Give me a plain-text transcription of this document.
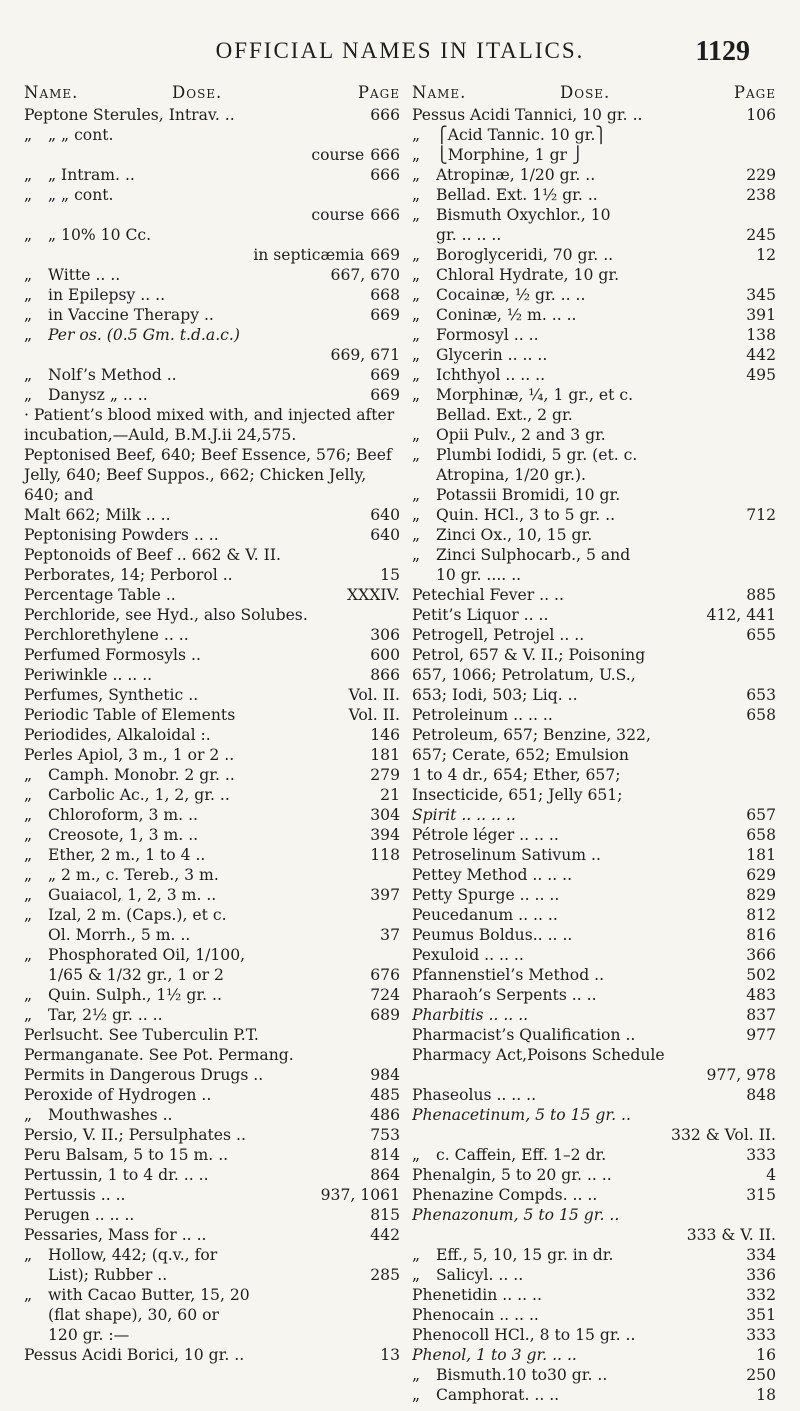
OFFICIAL NAMES IN ITALICS.	1129
Name.	Dose.	Page
Peptone Sterules, Intrav. ..	666
„	„ „ cont.
course 666
„	„ Intram. ..	666
„	„ „ cont.
course 666
„	„ 10% 10 Cc.
in septicæmia 669
„	Witte .. ..	667, 670
„	in Epilepsy .. ..	668
„	in Vaccine Therapy ..	669
„	Per os. (0.5 Gm. t.d.a.c.)
669, 671
„	Nolf’s Method ..	669
„	Danysz „ .. ..	669
· Patient’s blood mixed with, and injected after incubation,—Auld, B.M.J.ii 24,575.
Peptonised Beef, 640; Beef Essence, 576; Beef Jelly, 640; Beef Suppos., 662; Chicken Jelly, 640; and
Malt 662; Milk .. ..	640
Peptonising Powders .. ..	640
Peptonoids of Beef .. 662 & V. II.
Perborates, 14; Perborol ..	15
Percentage Table ..	XXXIV.
Perchloride, see Hyd., also Solubes.
Perchlorethylene .. ..	306
Perfumed Formosyls ..	600
Periwinkle .. .. ..	866
Perfumes, Synthetic ..	Vol. II.
Periodic Table of Elements	Vol. II.
Periodides, Alkaloidal :.	146
Perles Apiol, 3 m., 1 or 2 ..	181
„	Camph. Monobr. 2 gr. ..	279
„	Carbolic Ac., 1, 2, gr. ..	21
„	Chloroform, 3 m. ..	304
„	Creosote, 1, 3 m. ..	394
„	Ether, 2 m., 1 to 4 ..	118
„	„ 2 m., c. Tereb., 3 m.
„	Guaiacol, 1, 2, 3 m. ..	397
„	Izal, 2 m. (Caps.), et c.
Ol. Morrh., 5 m. ..	37
„	Phosphorated Oil, 1/100,
1/65 & 1/32 gr., 1 or 2	676
„	Quin. Sulph., 1½ gr. ..	724
„	Tar, 2½ gr. .. ..	689
Perlsucht. See Tuberculin P.T.
Permanganate. See Pot. Permang.
Permits in Dangerous Drugs ..	984
Peroxide of Hydrogen ..	485
„	Mouthwashes ..	486
Persio, V. II.; Persulphates ..	753
Peru Balsam, 5 to 15 m. ..	814
Pertussin, 1 to 4 dr. .. ..	864
Pertussis .. ..	937, 1061
Perugen .. .. ..	815
Pessaries, Mass for .. ..	442
„	Hollow, 442; (q.v., for
List); Rubber ..	285
„	with Cacao Butter, 15, 20
(flat shape), 30, 60 or
120 gr. :—
Pessus Acidi Borici, 10 gr. ..	13
Name.	Dose.	Page
Pessus Acidi Tannici, 10 gr. ..	106
„	⎧Acid Tannic. 10 gr.⎫
„	⎩Morphine, 1 gr ⎭
„	Atropinæ, 1/20 gr. ..	229
„	Bellad. Ext. 1½ gr. ..	238
„	Bismuth Oxychlor., 10
gr. .. .. ..	245
„	Boroglyceridi, 70 gr. ..	12
„	Chloral Hydrate, 10 gr.
„	Cocainæ, ½ gr. .. ..	345
„	Coninæ, ½ m. .. ..	391
„	Formosyl .. ..	138
„	Glycerin .. .. ..	442
„	Ichthyol .. .. ..	495
„	Morphinæ, ¼, 1 gr., et c.
Bellad. Ext., 2 gr.
„	Opii Pulv., 2 and 3 gr.
„	Plumbi Iodidi, 5 gr. (et. c.
Atropina, 1/20 gr.).
„	Potassii Bromidi, 10 gr.
„	Quin. HCl., 3 to 5 gr. ..	712
„	Zinci Ox., 10, 15 gr.
„	Zinci Sulphocarb., 5 and
10 gr. .... ..
Petechial Fever .. ..	885
Petit’s Liquor .. ..	412, 441
Petrogell, Petrojel .. ..	655
Petrol, 657 & V. II.; Poisoning
657, 1066; Petrolatum, U.S.,
653; Iodi, 503; Liq. ..	653
Petroleinum .. .. ..	658
Petroleum, 657; Benzine, 322,
657; Cerate, 652; Emulsion
1 to 4 dr., 654; Ether, 657;
Insecticide, 651; Jelly 651;
Spirit .. .. .. ..	657
Pétrole léger .. .. ..	658
Petroselinum Sativum ..	181
Pettey Method .. .. ..	629
Petty Spurge .. .. ..	829
Peucedanum .. .. ..	812
Peumus Boldus.. .. ..	816
Pexuloid .. .. ..	366
Pfannenstiel’s Method ..	502
Pharaoh’s Serpents .. ..	483
Pharbitis .. .. ..	837
Pharmacist’s Qualification ..	977
Pharmacy Act,Poisons Schedule
977, 978
Phaseolus .. .. ..	848
Phenacetinum, 5 to 15 gr. ..
332 & Vol. II.
„	c. Caffein, Eff. 1–2 dr.	333
Phenalgin, 5 to 20 gr. .. ..	4
Phenazine Compds. .. ..	315
Phenazonum, 5 to 15 gr. ..
333 & V. II.
„	Eff., 5, 10, 15 gr. in dr.	334
„	Salicyl. .. ..	336
Phenetidin .. .. ..	332
Phenocain .. .. ..	351
Phenocoll HCl., 8 to 15 gr. ..	333
Phenol, 1 to 3 gr. .. ..	16
„	Bismuth.10 to30 gr. ..	250
„	Camphorat. .. ..	18
